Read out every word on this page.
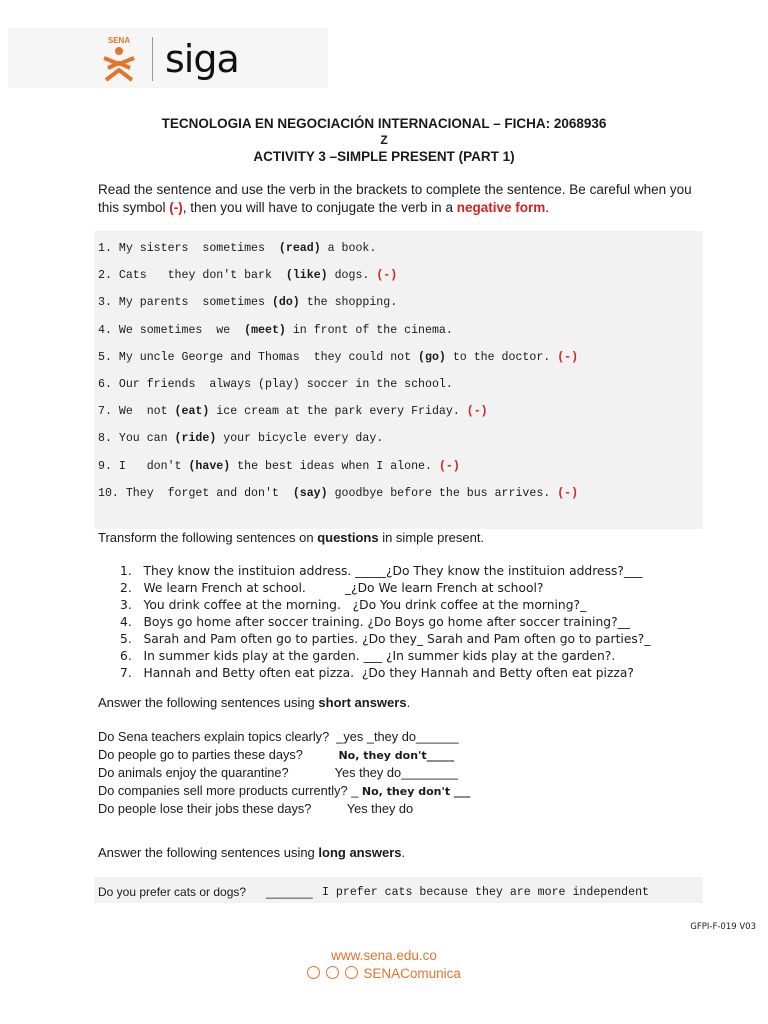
SENA siga
TECNOLOGIA EN NEGOCIACIÓN INTERNACIONAL – FICHA: 2068936
Z
ACTIVITY 3 –SIMPLE PRESENT (PART 1)
Read the sentence and use the verb in the brackets to complete the sentence. Be careful when you this symbol (-), then you will have to conjugate the verb in a negative form.
1. My sisters  sometimes  (read) a book.
2. Cats   they don't bark  (like) dogs. (-)
3. My parents  sometimes (do) the shopping.
4. We sometimes  we  (meet) in front of the cinema.
5. My uncle George and Thomas  they could not (go) to the doctor. (-)
6. Our friends  always (play) soccer in the school.
7. We  not (eat) ice cream at the park every Friday. (-)
8. You can (ride) your bicycle every day.
9. I   don't (have) the best ideas when I alone. (-)
10. They  forget and don't  (say) goodbye before the bus arrives. (-)
Transform the following sentences on questions in simple present.
1.   They know the instituion address. _____¿Do They know the instituion address?___
2.   We learn French at school.          _¿Do We learn French at school?
3.   You drink coffee at the morning.   ¿Do You drink coffee at the morning?_
4.   Boys go home after soccer training. ¿Do Boys go home after soccer training?__
5.   Sarah and Pam often go to parties. ¿Do they_ Sarah and Pam often go to parties?_
6.   In summer kids play at the garden. ___ ¿In summer kids play at the garden?.
7.   Hannah and Betty often eat pizza.  ¿Do they Hannah and Betty often eat pizza?
Answer the following sentences using short answers.
Do Sena teachers explain topics clearly?  _yes _they do______
Do people go to parties these days?          No, they don't_____
Do animals enjoy the quarantine?             Yes they do________
Do companies sell more products currently? _ No, they don't ___
Do people lose their jobs these days?          Yes they do
Answer the following sentences using long answers.
Do you prefer cats or dogs? _______ I prefer cats because they are more independent
GFPI-F-019 V03
www.sena.edu.co
SENAComunica
